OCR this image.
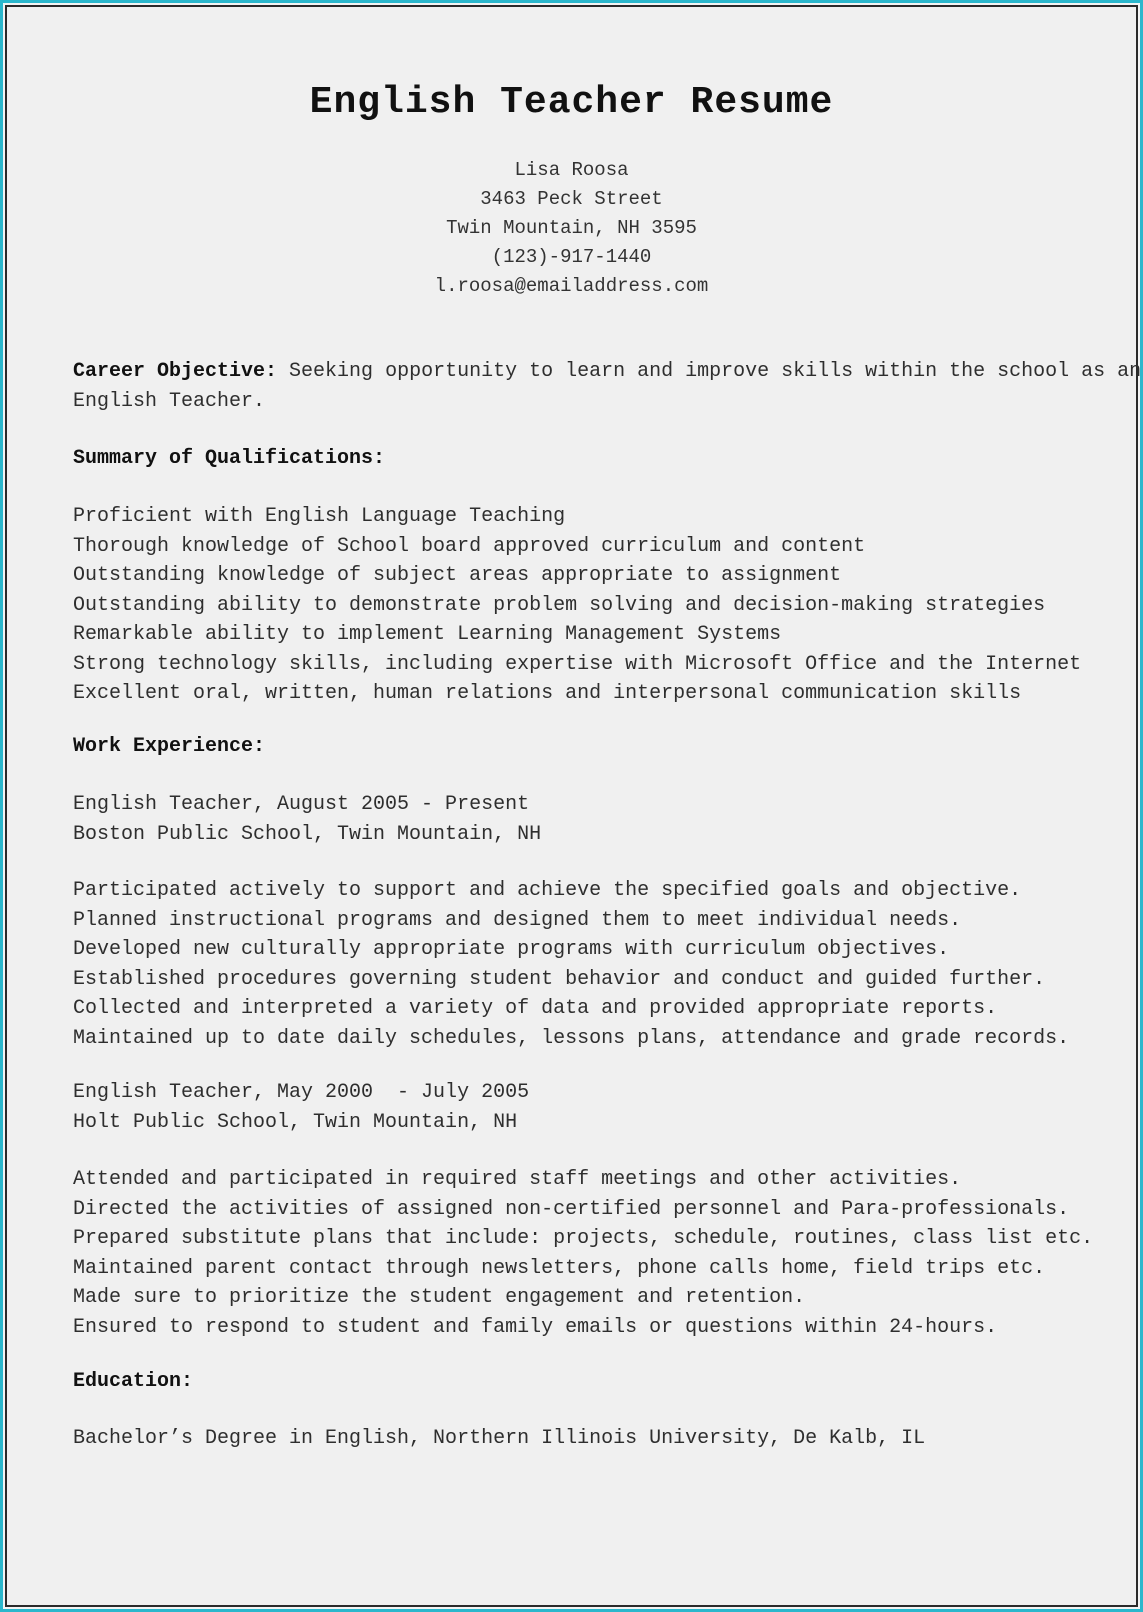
English Teacher Resume
Lisa Roosa
3463 Peck Street
Twin Mountain, NH 3595
(123)-917-1440
l.roosa@emailaddress.com
Career Objective: Seeking opportunity to learn and improve skills within the school as an
English Teacher.
Summary of Qualifications:
Proficient with English Language Teaching
Thorough knowledge of School board approved curriculum and content
Outstanding knowledge of subject areas appropriate to assignment
Outstanding ability to demonstrate problem solving and decision-making strategies
Remarkable ability to implement Learning Management Systems
Strong technology skills, including expertise with Microsoft Office and the Internet
Excellent oral, written, human relations and interpersonal communication skills
Work Experience:
English Teacher, August 2005 - Present
Boston Public School, Twin Mountain, NH
Participated actively to support and achieve the specified goals and objective.
Planned instructional programs and designed them to meet individual needs.
Developed new culturally appropriate programs with curriculum objectives.
Established procedures governing student behavior and conduct and guided further.
Collected and interpreted a variety of data and provided appropriate reports.
Maintained up to date daily schedules, lessons plans, attendance and grade records.
English Teacher, May 2000  - July 2005
Holt Public School, Twin Mountain, NH
Attended and participated in required staff meetings and other activities.
Directed the activities of assigned non-certified personnel and Para-professionals.
Prepared substitute plans that include: projects, schedule, routines, class list etc.
Maintained parent contact through newsletters, phone calls home, field trips etc.
Made sure to prioritize the student engagement and retention.
Ensured to respond to student and family emails or questions within 24-hours.
Education:
Bachelor’s Degree in English, Northern Illinois University, De Kalb, IL
